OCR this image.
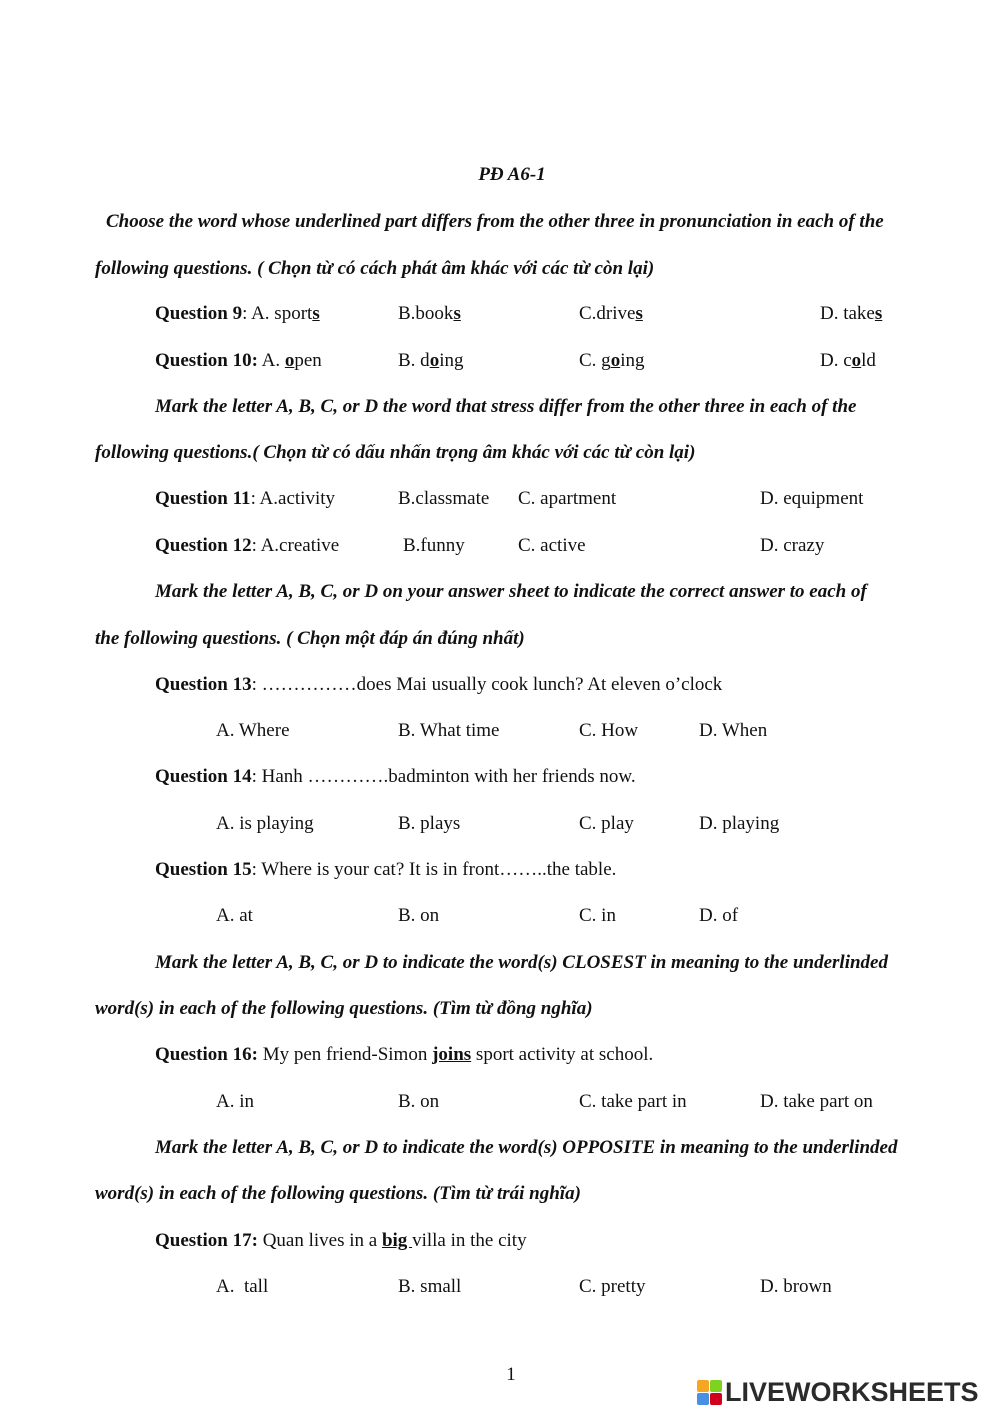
PĐ A6-1
Choose the word whose underlined part differs from the other three in pronunciation in each of the
following questions. ( Chọn từ có cách phát âm khác với các từ còn lại)
Question 9: A. sports	B.books	C.drives	D. takes
Question 10: A. open	B. doing	C. going	D. cold
Mark the letter A, B, C, or D the word that stress differ from the other three in each of the
following questions.( Chọn từ có dấu nhấn trọng âm khác với các từ còn lại)
Question 11: A.activity	B.classmate C. apartment	D. equipment
Question 12: A.creative	B.funny	C. active	D. crazy
Mark the letter A, B, C, or D on your answer sheet to indicate the correct answer to each of
the following questions. ( Chọn một đáp án đúng nhất)
Question 13: ……………does Mai usually cook lunch? At eleven o’clock
A. Where	B. What time	C. How	D. When
Question 14: Hanh ………….badminton with her friends now.
A. is playing	B. plays	C. play	D. playing
Question 15: Where is your cat? It is in front……..the table.
A. at	B. on	C. in	D. of
Mark the letter A, B, C, or D to indicate the word(s) CLOSEST in meaning to the underlinded
word(s) in each of the following questions. (Tìm từ đồng nghĩa)
Question 16: My pen friend-Simon joins sport activity at school.
A. in	B. on	C. take part in	D. take part on
Mark the letter A, B, C, or D to indicate the word(s) OPPOSITE in meaning to the underlinded
word(s) in each of the following questions. (Tìm từ trái nghĩa)
Question 17: Quan lives in a big villa in the city
A.  tall	B. small	C. pretty	D. brown
1
LIVEWORKSHEETS
